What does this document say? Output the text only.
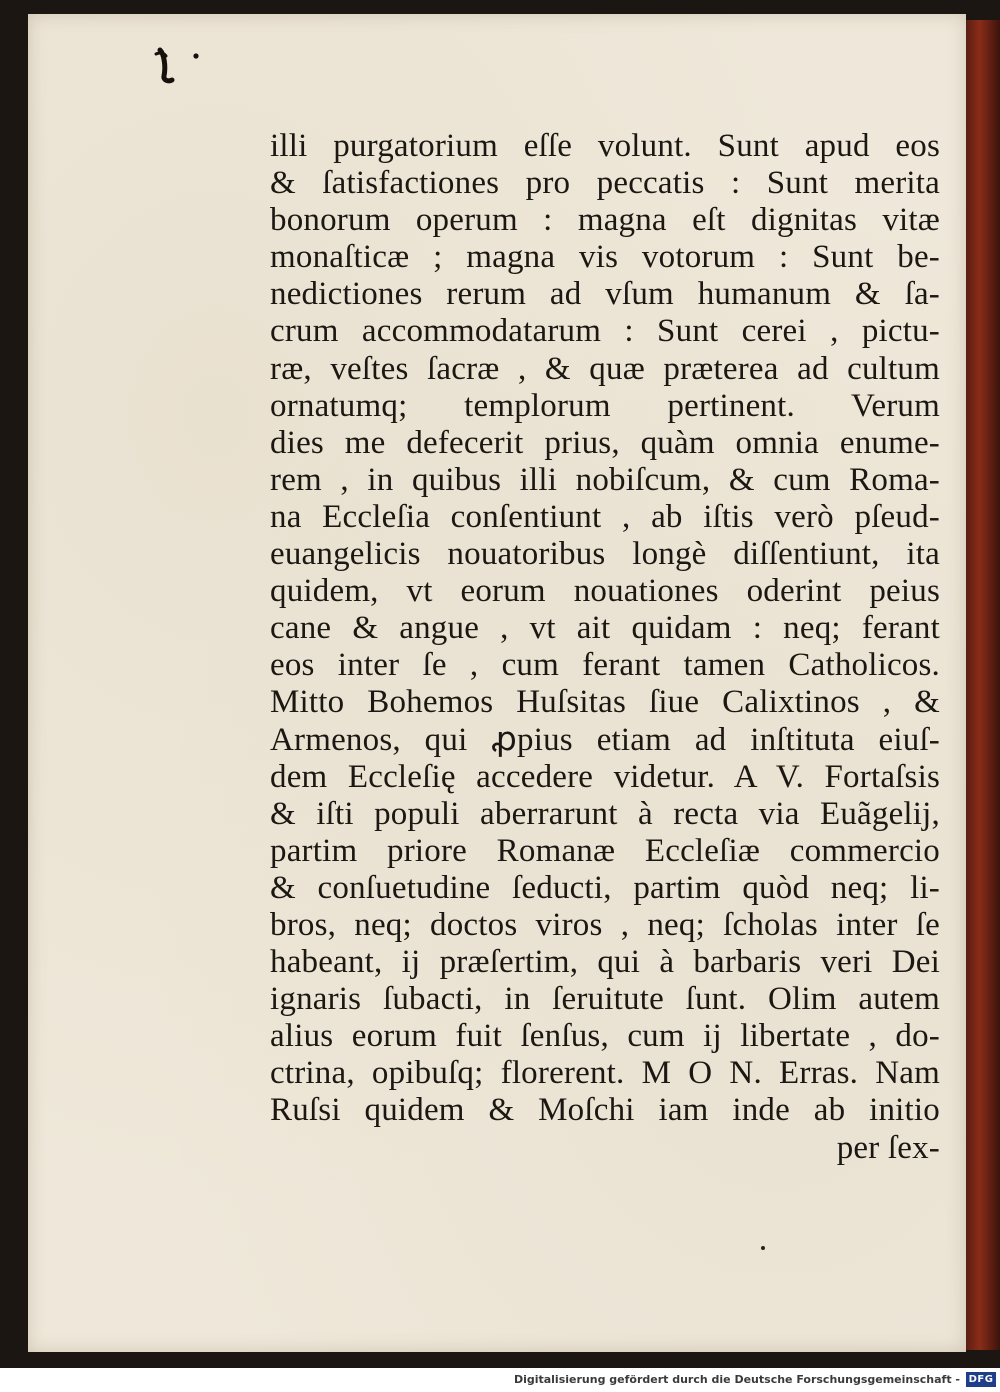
illi purgatorium eſſe volunt. Sunt apud eos
& ſatisfactiones pro peccatis : Sunt merita
bonorum operum : magna eſt dignitas vitæ
monaſticæ ; magna vis votorum : Sunt be-
nedictiones rerum ad vſum humanum & ſa-
crum accommodatarum : Sunt cerei , pictu-
ræ, veſtes ſacræ , & quæ præterea ad cultum
ornatumq; templorum pertinent. Verum
dies me defecerit prius, quàm omnia enume-
rem , in quibus illi nobiſcum, & cum Roma-
na Eccleſia conſentiunt , ab iſtis verò pſeud-
euangelicis nouatoribus longè diſſentiunt, ita
quidem, vt eorum nouationes oderint peius
cane & angue , vt ait quidam : neq; ferant
eos inter ſe , cum ferant tamen Catholicos.
Mitto Bohemos Huſsitas ſiue Calixtinos , &
Armenos, qui ꝓpius etiam ad inſtituta eiuſ-
dem Eccleſię accedere videtur. A V. Fortaſsis
& iſti populi aberrarunt à recta via Euãgelij,
partim priore Romanæ Eccleſiæ commercio
& conſuetudine ſeducti, partim quòd neq; li-
bros, neq; doctos viros , neq; ſcholas inter ſe
habeant, ij præſertim, qui à barbaris veri Dei
ignaris ſubacti, in ſeruitute ſunt. Olim autem
alius eorum fuit ſenſus, cum ij libertate , do-
ctrina, opibuſq; florerent. M O N. Erras. Nam
Ruſsi quidem & Moſchi iam inde ab initio
per ſex-
Digitalisierung gefördert durch die Deutsche Forschungsgemeinschaft - DFG
